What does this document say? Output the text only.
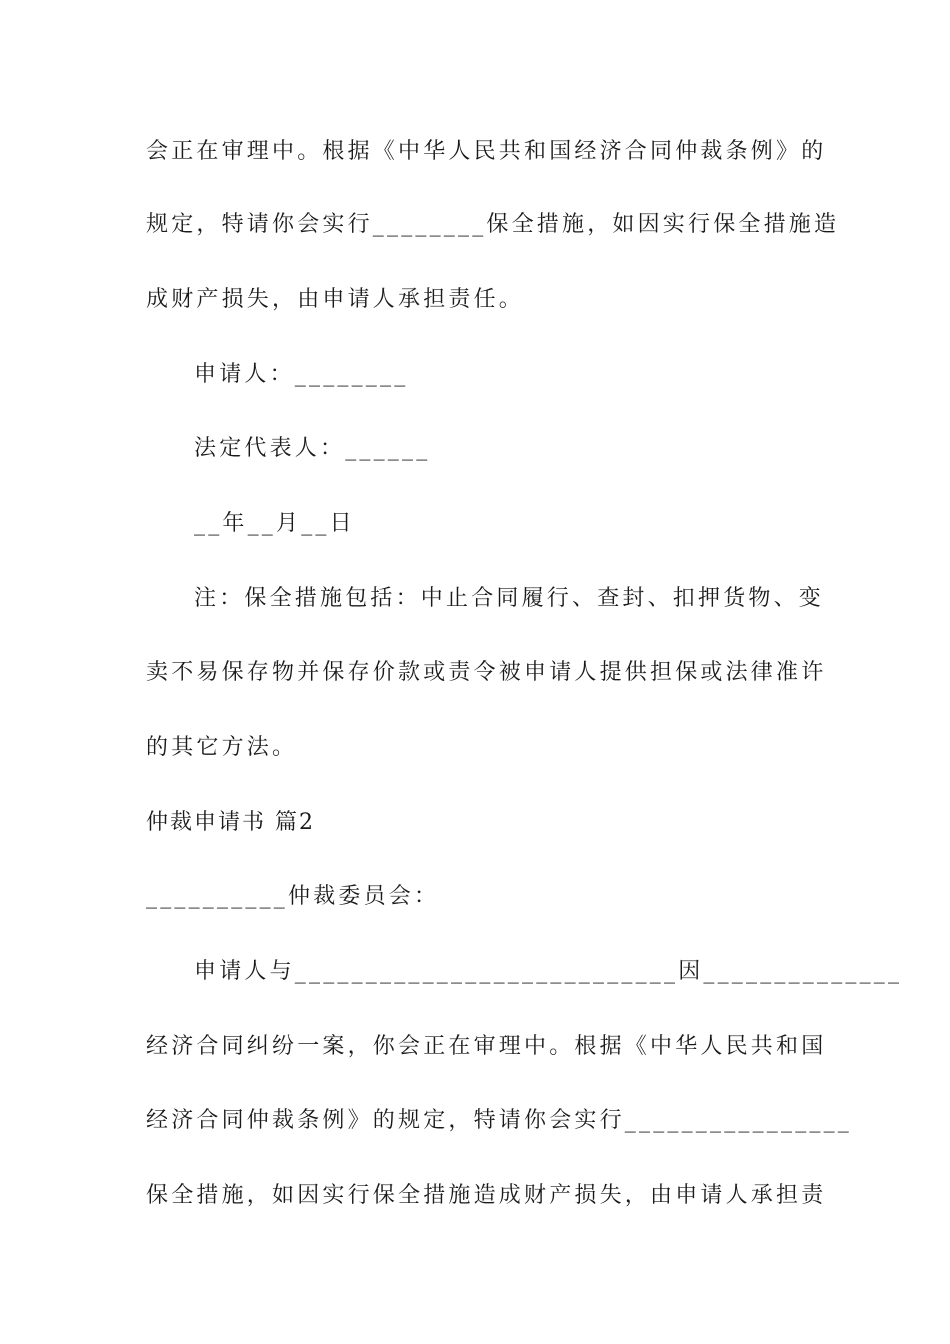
会正在审理中。根据《中华人民共和国经济合同仲裁条例》的
规定，特请你会实行________保全措施，如因实行保全措施造
成财产损失，由申请人承担责任。
申请人：________
法定代表人：______
__年__月__日
注：保全措施包括：中止合同履行、查封、扣押货物、变
卖不易保存物并保存价款或责令被申请人提供担保或法律准许
的其它方法。
仲裁申请书 篇2
__________仲裁委员会：
申请人与___________________________因______________
经济合同纠纷一案，你会正在审理中。根据《中华人民共和国
经济合同仲裁条例》的规定，特请你会实行________________
保全措施，如因实行保全措施造成财产损失，由申请人承担责
